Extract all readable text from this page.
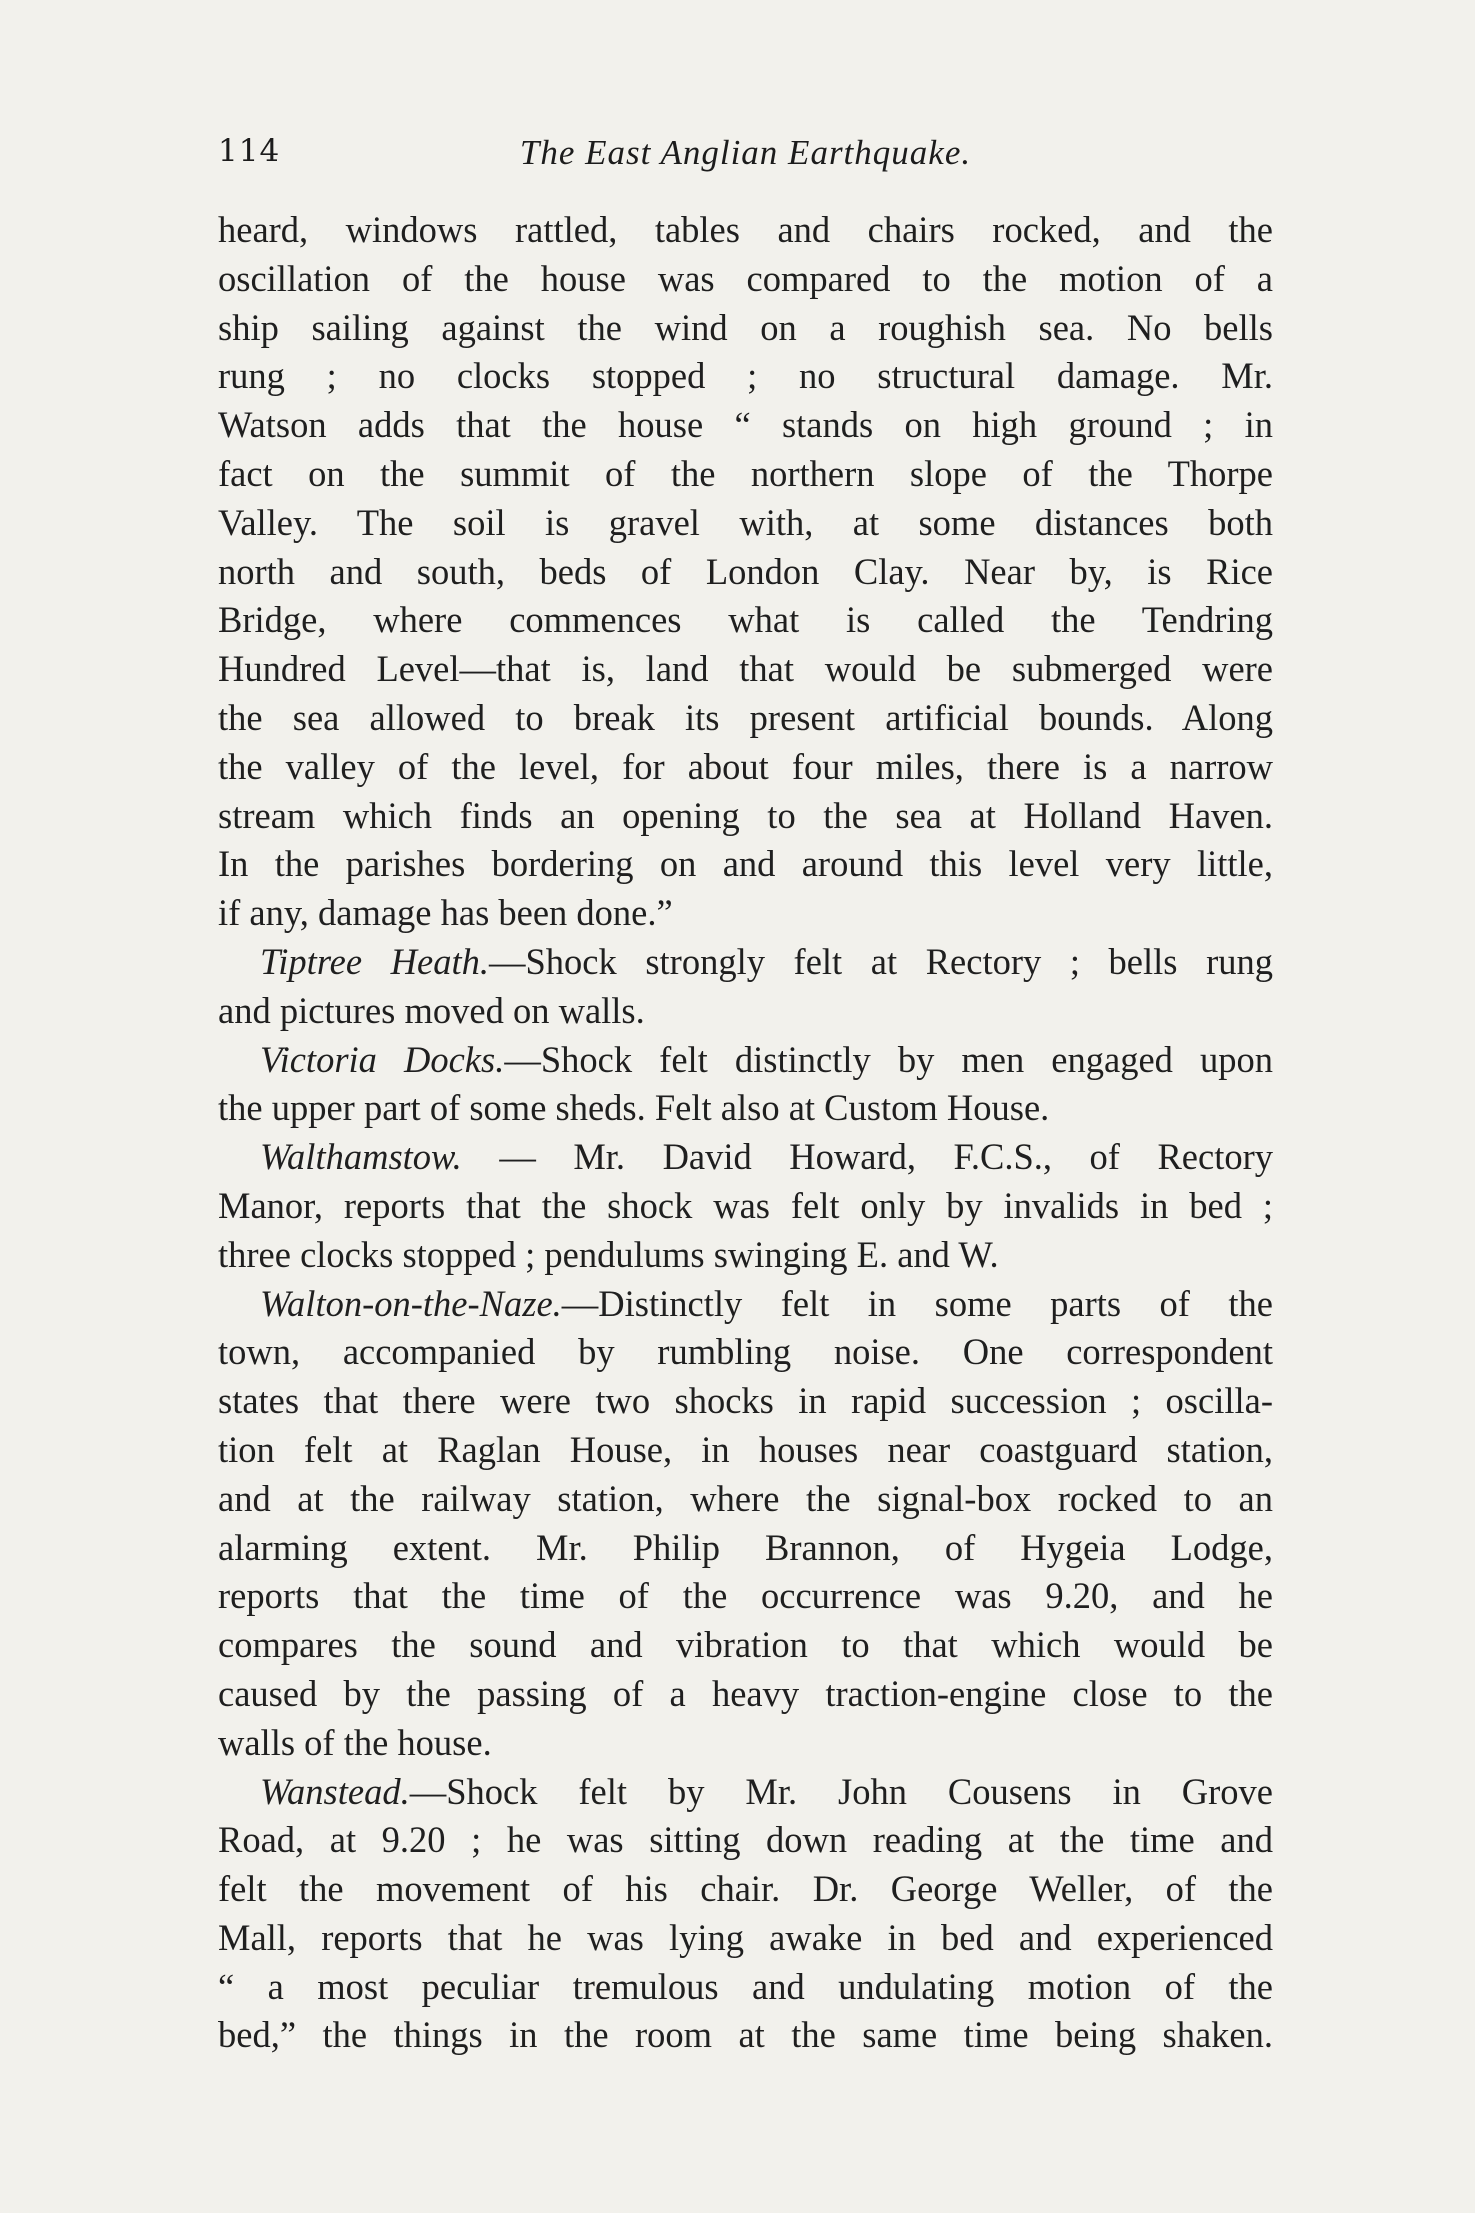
114	The East Anglian Earthquake.
heard, windows rattled, tables and chairs rocked, and the
oscillation of the house was compared to the motion of a
ship sailing against the wind on a roughish sea. No bells
rung ; no clocks stopped ; no structural damage. Mr.
Watson adds that the house “ stands on high ground ; in
fact on the summit of the northern slope of the Thorpe
Valley. The soil is gravel with, at some distances both
north and south, beds of London Clay. Near by, is Rice
Bridge, where commences what is called the Tendring
Hundred Level—that is, land that would be submerged were
the sea allowed to break its present artificial bounds. Along
the valley of the level, for about four miles, there is a narrow
stream which finds an opening to the sea at Holland Haven.
In the parishes bordering on and around this level very little,
if any, damage has been done.”
Tiptree Heath.—Shock strongly felt at Rectory ; bells rung
and pictures moved on walls.
Victoria Docks.—Shock felt distinctly by men engaged upon
the upper part of some sheds. Felt also at Custom House.
Walthamstow. — Mr. David Howard, F.C.S., of Rectory
Manor, reports that the shock was felt only by invalids in bed ;
three clocks stopped ; pendulums swinging E. and W.
Walton-on-the-Naze.—Distinctly felt in some parts of the
town, accompanied by rumbling noise. One correspondent
states that there were two shocks in rapid succession ; oscilla-
tion felt at Raglan House, in houses near coastguard station,
and at the railway station, where the signal-box rocked to an
alarming extent. Mr. Philip Brannon, of Hygeia Lodge,
reports that the time of the occurrence was 9.20, and he
compares the sound and vibration to that which would be
caused by the passing of a heavy traction-engine close to the
walls of the house.
Wanstead.—Shock felt by Mr. John Cousens in Grove
Road, at 9.20 ; he was sitting down reading at the time and
felt the movement of his chair. Dr. George Weller, of the
Mall, reports that he was lying awake in bed and experienced
“ a most peculiar tremulous and undulating motion of the
bed,” the things in the room at the same time being shaken.
